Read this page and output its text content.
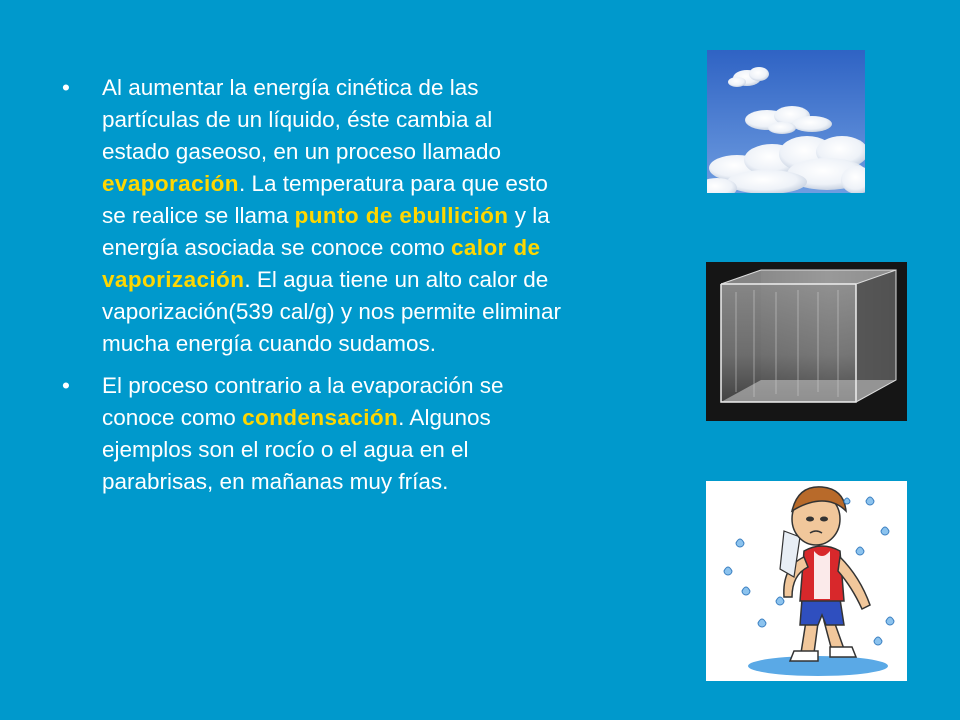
• Al aumentar la energía cinética de las partículas de un líquido, éste cambia al estado gaseoso, en un proceso llamado evaporación. La temperatura para que esto se realice se llama punto de ebullición y la energía asociada se conoce como calor de vaporización. El agua tiene un alto calor de vaporización(539 cal/g) y nos permite eliminar mucha energía cuando sudamos.
• El proceso contrario a la evaporación se conoce como condensación. Algunos ejemplos son el rocío o el agua en el parabrisas, en mañanas muy frías.
